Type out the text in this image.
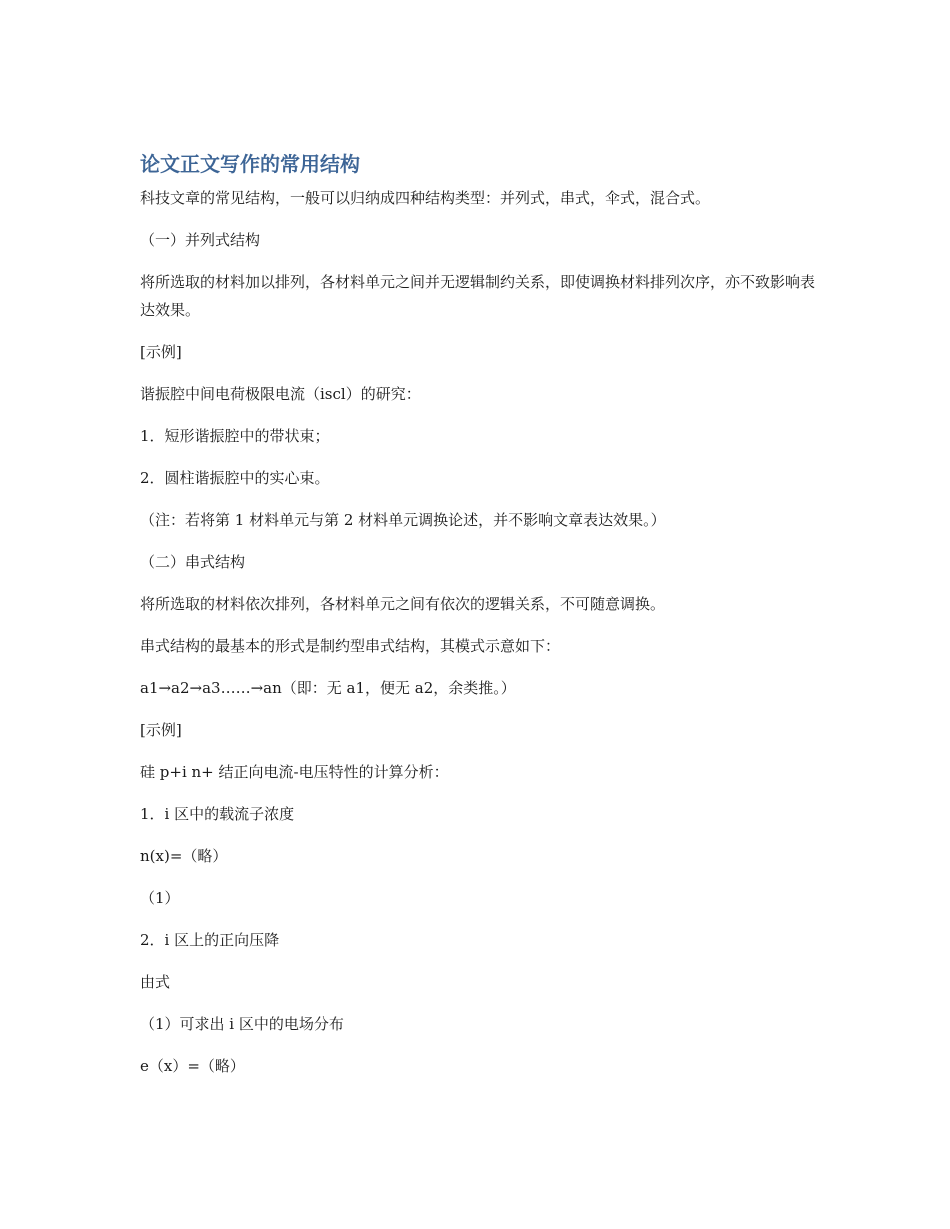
论文正文写作的常用结构

科技文章的常见结构，一般可以归纳成四种结构类型：并列式，串式，伞式，混合式。

（一）并列式结构

将所选取的材料加以排列，各材料单元之间并无逻辑制约关系，即使调换材料排列次序，亦不致影响表达效果。

[示例]

谐振腔中间电荷极限电流（iscl）的研究：

1．短形谐振腔中的带状束；

2．圆柱谐振腔中的实心束。

（注：若将第 1 材料单元与第 2 材料单元调换论述，并不影响文章表达效果。）

（二）串式结构

将所选取的材料依次排列，各材料单元之间有依次的逻辑关系，不可随意调换。

串式结构的最基本的形式是制约型串式结构，其模式示意如下：

a1→a2→a3……→an（即：无 a1，便无 a2，余类推。）

[示例]

硅 p+i n+ 结正向电流-电压特性的计算分析：

1．i 区中的载流子浓度

n(x)=（略）

（1）

2．i 区上的正向压降

由式

（1）可求出 i 区中的电场分布

e（x）=（略）
